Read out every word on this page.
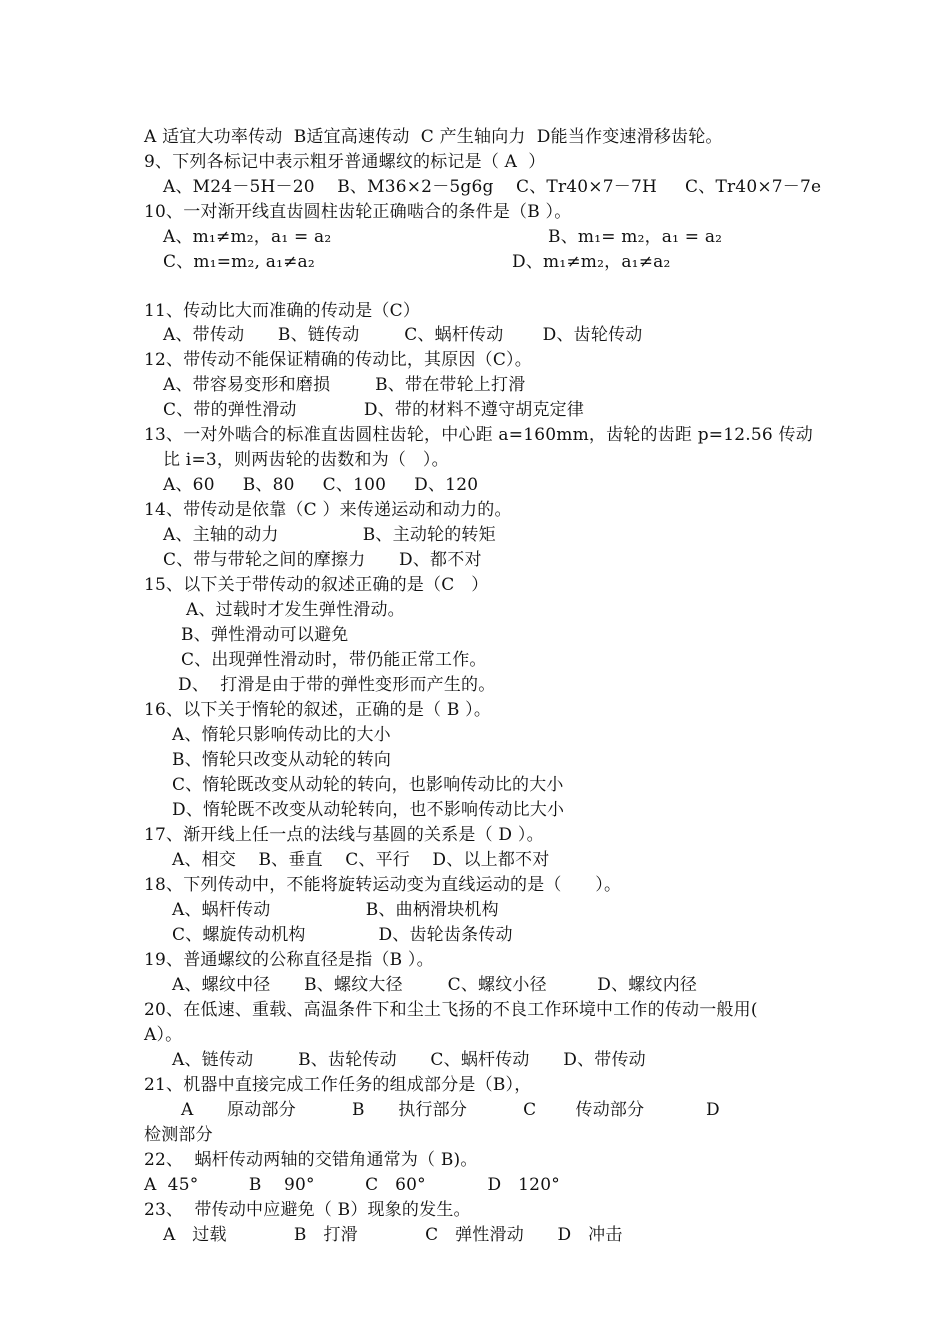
A 适宜大功率传动  B适宜高速传动  C 产生轴向力  D能当作变速滑移齿轮。
9、下列各标记中表示粗牙普通螺纹的标记是（ A  ）
A、M24－5H－20    B、M36×2－5g6g    C、Tr40×7－7H     C、Tr40×7－7e
10、一对渐开线直齿圆柱齿轮正确啮合的条件是（B ）。
A、m₁≠m₂，a₁ = a₂	B、m₁= m₂，a₁ = a₂
C、m₁=m₂, a₁≠a₂	D、m₁≠m₂，a₁≠a₂
11、传动比大而准确的传动是（C）
A、带传动      B、链传动        C、蜗杆传动       D、齿轮传动
12、带传动不能保证精确的传动比，其原因（C）。
A、带容易变形和磨损        B、带在带轮上打滑
C、带的弹性滑动            D、带的材料不遵守胡克定律
13、一对外啮合的标准直齿圆柱齿轮，中心距 a=160mm，齿轮的齿距 p=12.56 传动
比 i=3，则两齿轮的齿数和为（   ）。
A、60     B、80     C、100     D、120
14、带传动是依靠（C ）来传递运动和动力的。
A、主轴的动力               B、主动轮的转矩
C、带与带轮之间的摩擦力      D、都不对
15、以下关于带传动的叙述正确的是（C   ）
A、过载时才发生弹性滑动。
B、弹性滑动可以避免
C、出现弹性滑动时，带仍能正常工作。
D、  打滑是由于带的弹性变形而产生的。
16、以下关于惰轮的叙述，正确的是（ B ）。
A、惰轮只影响传动比的大小
B、惰轮只改变从动轮的转向
C、惰轮既改变从动轮的转向，也影响传动比的大小
D、惰轮既不改变从动轮转向，也不影响传动比大小
17、渐开线上任一点的法线与基圆的关系是（ D ）。
A、相交    B、垂直    C、平行    D、以上都不对
18、下列传动中，不能将旋转运动变为直线运动的是（      ）。
A、蜗杆传动                 B、曲柄滑块机构
C、螺旋传动机构             D、齿轮齿条传动
19、普通螺纹的公称直径是指（B ）。
A、螺纹中径      B、螺纹大径        C、螺纹小径         D、螺纹内径
20、在低速、重载、高温条件下和尘土飞扬的不良工作环境中工作的传动一般用(
A）。
A、链传动        B、齿轮传动      C、蜗杆传动      D、带传动
21、机器中直接完成工作任务的组成部分是（B），
A      原动部分          B      执行部分          C       传动部分           D
检测部分
22、  蜗杆传动两轴的交错角通常为（ B)。
A  45°         B    90°         C   60°           D   120°
23、  带传动中应避免（ B）现象的发生。
A   过载            B   打滑            C   弹性滑动      D   冲击
